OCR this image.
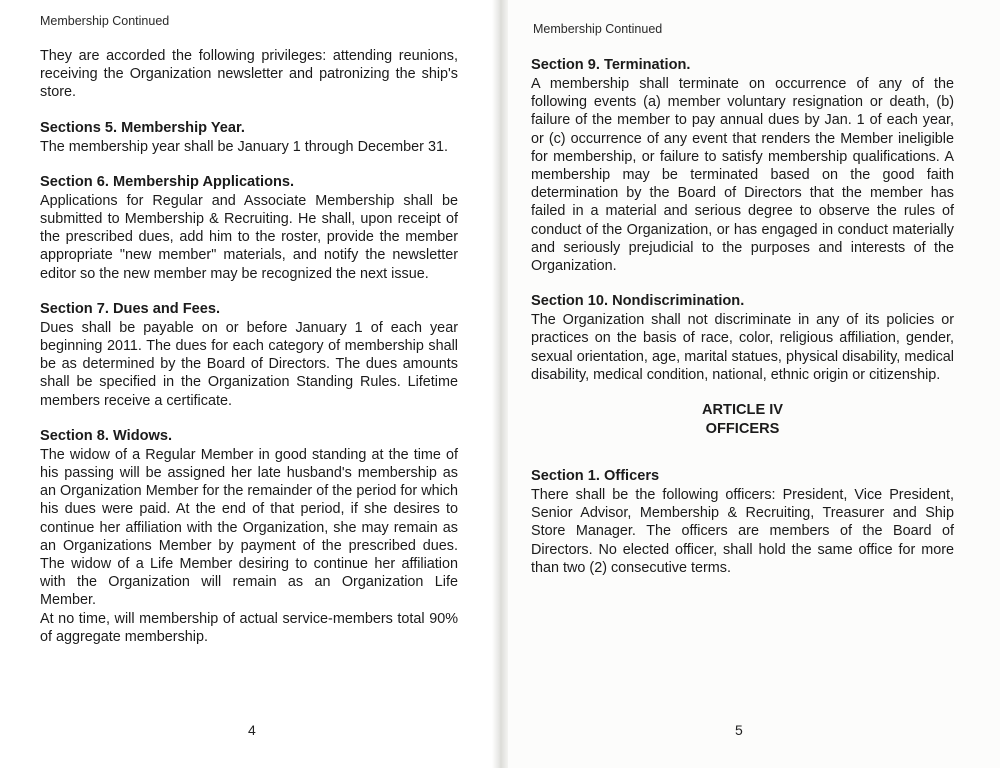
Membership Continued

They are accorded the following privileges: attending reunions, receiving the Organization newsletter and patronizing the ship's store.

Sections 5. Membership Year.

The membership year shall be January 1 through December 31.

Section 6. Membership Applications.

Applications for Regular and Associate Membership shall be submitted to Membership & Recruiting. He shall, upon receipt of the prescribed dues, add him to the roster, provide the member appropriate "new member" materials, and notify the newsletter editor so the new member may be recognized the next issue.

Section 7. Dues and Fees.

Dues shall be payable on or before January 1 of each year beginning 2011. The dues for each category of membership shall be as determined by the Board of Directors. The dues amounts shall be specified in the Organization Standing Rules. Lifetime members receive a certificate.

Section 8. Widows.

The widow of a Regular Member in good standing at the time of his passing will be assigned her late husband's membership as an Organization Member for the remainder of the period for which his dues were paid. At the end of that period, if she desires to continue her affiliation with the Organization, she may remain as an Organizations Member by payment of the prescribed dues. The widow of a Life Member desiring to continue her affiliation with the Organization will remain as an Organization Life Member.

At no time, will membership of actual service-members total 90% of aggregate membership.

4
Membership Continued
Section 9. Termination.

A membership shall terminate on occurrence of any of the following events (a) member voluntary resignation or death, (b) failure of the member to pay annual dues by Jan. 1 of each year, or (c) occurrence of any event that renders the Member ineligible for membership, or failure to satisfy membership qualifications. A membership may be terminated based on the good faith determination by the Board of Directors that the member has failed in a material and serious degree to observe the rules of conduct of the Organization, or has engaged in conduct materially and seriously prejudicial to the purposes and interests of the Organization.

Section 10. Nondiscrimination.

The Organization shall not discriminate in any of its policies or practices on the basis of race, color, religious affiliation, gender, sexual orientation, age, marital statues, physical disability, medical disability, medical condition, national, ethnic origin or citizenship.

ARTICLE IV
OFFICERS
Section 1. Officers

There shall be the following officers: President, Vice President, Senior Advisor, Membership & Recruiting, Treasurer and Ship Store Manager. The officers are members of the Board of Directors. No elected officer, shall hold the same office for more than two (2) consecutive terms.

5
